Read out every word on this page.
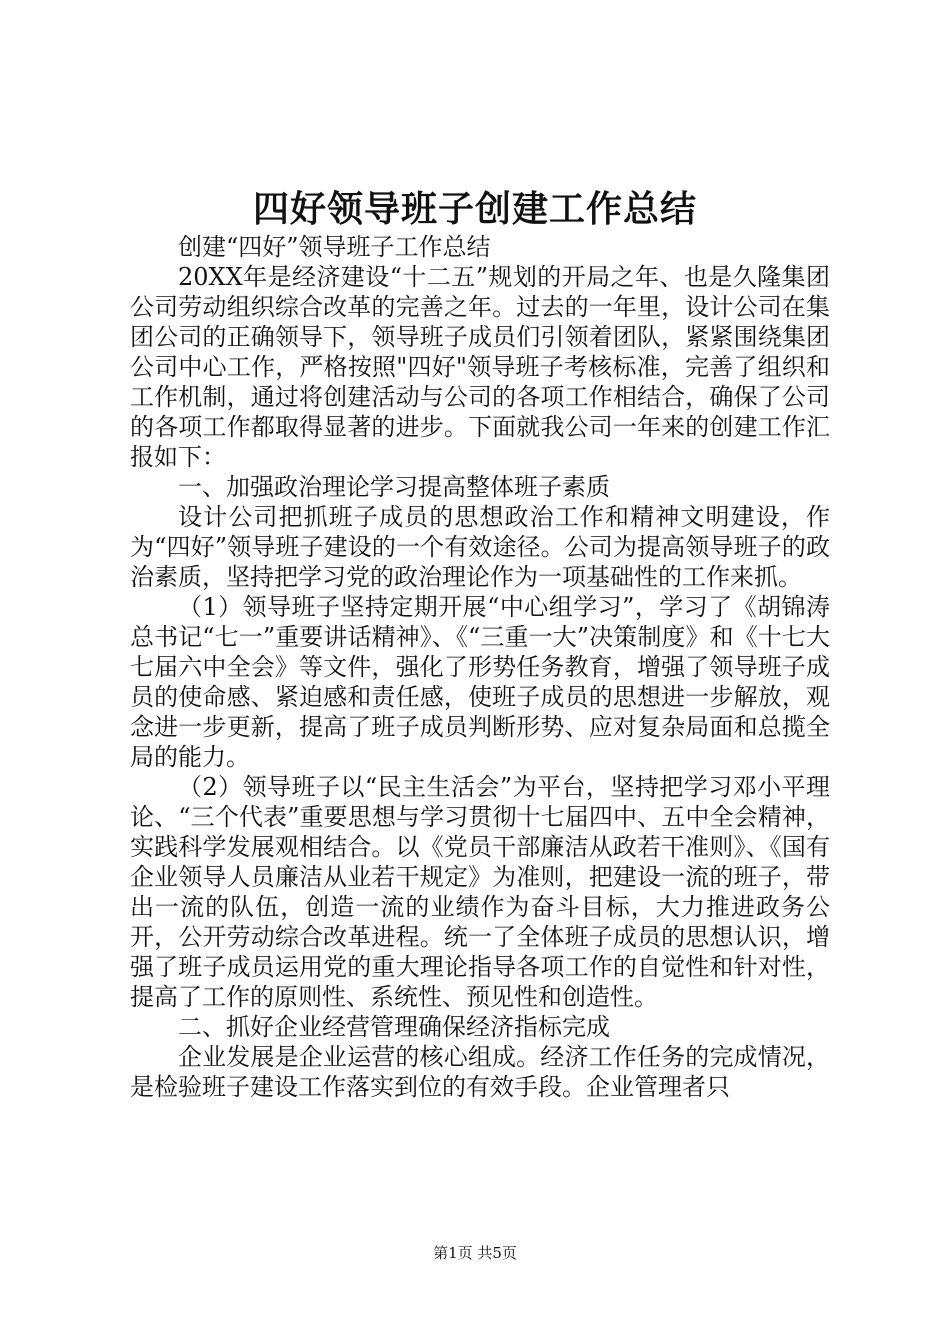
四好领导班子创建工作总结

创建“四好”领导班子工作总结

20XX年是经济建设“十二五”规划的开局之年、也是久隆集团公司劳动组织综合改革的完善之年。过去的一年里，设计公司在集团公司的正确领导下，领导班子成员们引领着团队，紧紧围绕集团公司中心工作，严格按照"四好"领导班子考核标准，完善了组织和工作机制，通过将创建活动与公司的各项工作相结合，确保了公司的各项工作都取得显著的进步。下面就我公司一年来的创建工作汇报如下：

一、加强政治理论学习提高整体班子素质

设计公司把抓班子成员的思想政治工作和精神文明建设，作为“四好”领导班子建设的一个有效途径。公司为提高领导班子的政治素质，坚持把学习党的政治理论作为一项基础性的工作来抓。

（1）领导班子坚持定期开展“中心组学习”，学习了《胡锦涛总书记“七一”重要讲话精神》、《“三重一大”决策制度》和《十七大七届六中全会》等文件，强化了形势任务教育，增强了领导班子成员的使命感、紧迫感和责任感，使班子成员的思想进一步解放，观念进一步更新，提高了班子成员判断形势、应对复杂局面和总揽全局的能力。

（2）领导班子以“民主生活会”为平台，坚持把学习邓小平理论、“三个代表”重要思想与学习贯彻十七届四中、五中全会精神，实践科学发展观相结合。以《党员干部廉洁从政若干准则》、《国有企业领导人员廉洁从业若干规定》为准则，把建设一流的班子，带出一流的队伍，创造一流的业绩作为奋斗目标，大力推进政务公开，公开劳动综合改革进程。统一了全体班子成员的思想认识，增强了班子成员运用党的重大理论指导各项工作的自觉性和针对性，提高了工作的原则性、系统性、预见性和创造性。

二、抓好企业经营管理确保经济指标完成

企业发展是企业运营的核心组成。经济工作任务的完成情况，是检验班子建设工作落实到位的有效手段。企业管理者只

第1页 共5页
